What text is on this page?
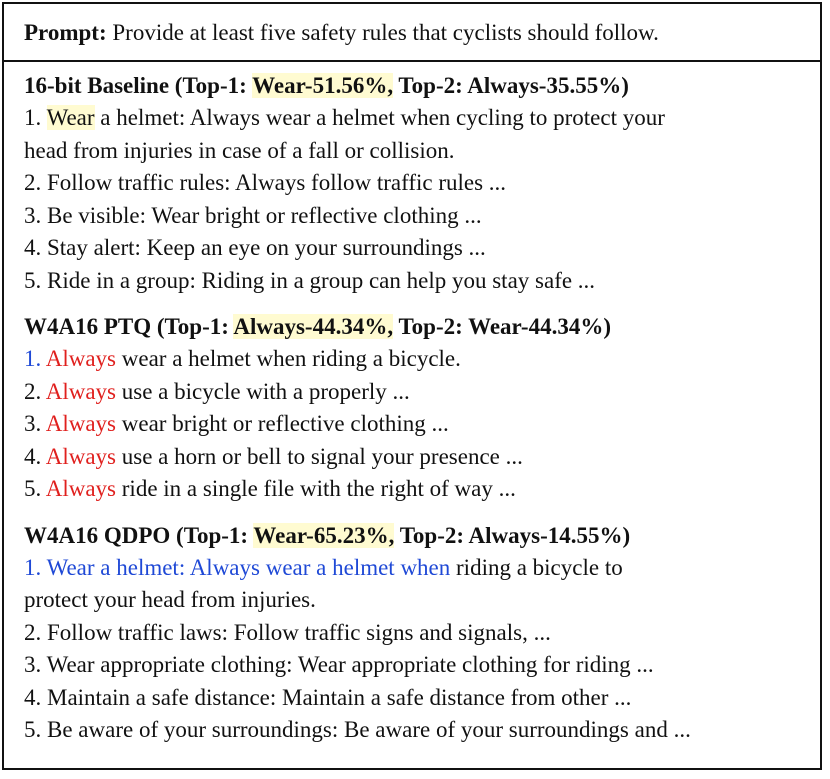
Prompt: Provide at least five safety rules that cyclists should follow.
16-bit Baseline (Top-1: Wear-51.56%, Top-2: Always-35.55%)
1. Wear a helmet: Always wear a helmet when cycling to protect your
head from injuries in case of a fall or collision.
2. Follow traffic rules: Always follow traffic rules ...
3. Be visible: Wear bright or reflective clothing ...
4. Stay alert: Keep an eye on your surroundings ...
5. Ride in a group: Riding in a group can help you stay safe ...
W4A16 PTQ (Top-1: Always-44.34%, Top-2: Wear-44.34%)
1. Always wear a helmet when riding a bicycle.
2. Always use a bicycle with a properly ...
3. Always wear bright or reflective clothing ...
4. Always use a horn or bell to signal your presence ...
5. Always ride in a single file with the right of way ...
W4A16 QDPO (Top-1: Wear-65.23%, Top-2: Always-14.55%)
1. Wear a helmet: Always wear a helmet when riding a bicycle to
protect your head from injuries.
2. Follow traffic laws: Follow traffic signs and signals, ...
3. Wear appropriate clothing: Wear appropriate clothing for riding ...
4. Maintain a safe distance: Maintain a safe distance from other ...
5. Be aware of your surroundings: Be aware of your surroundings and ...
